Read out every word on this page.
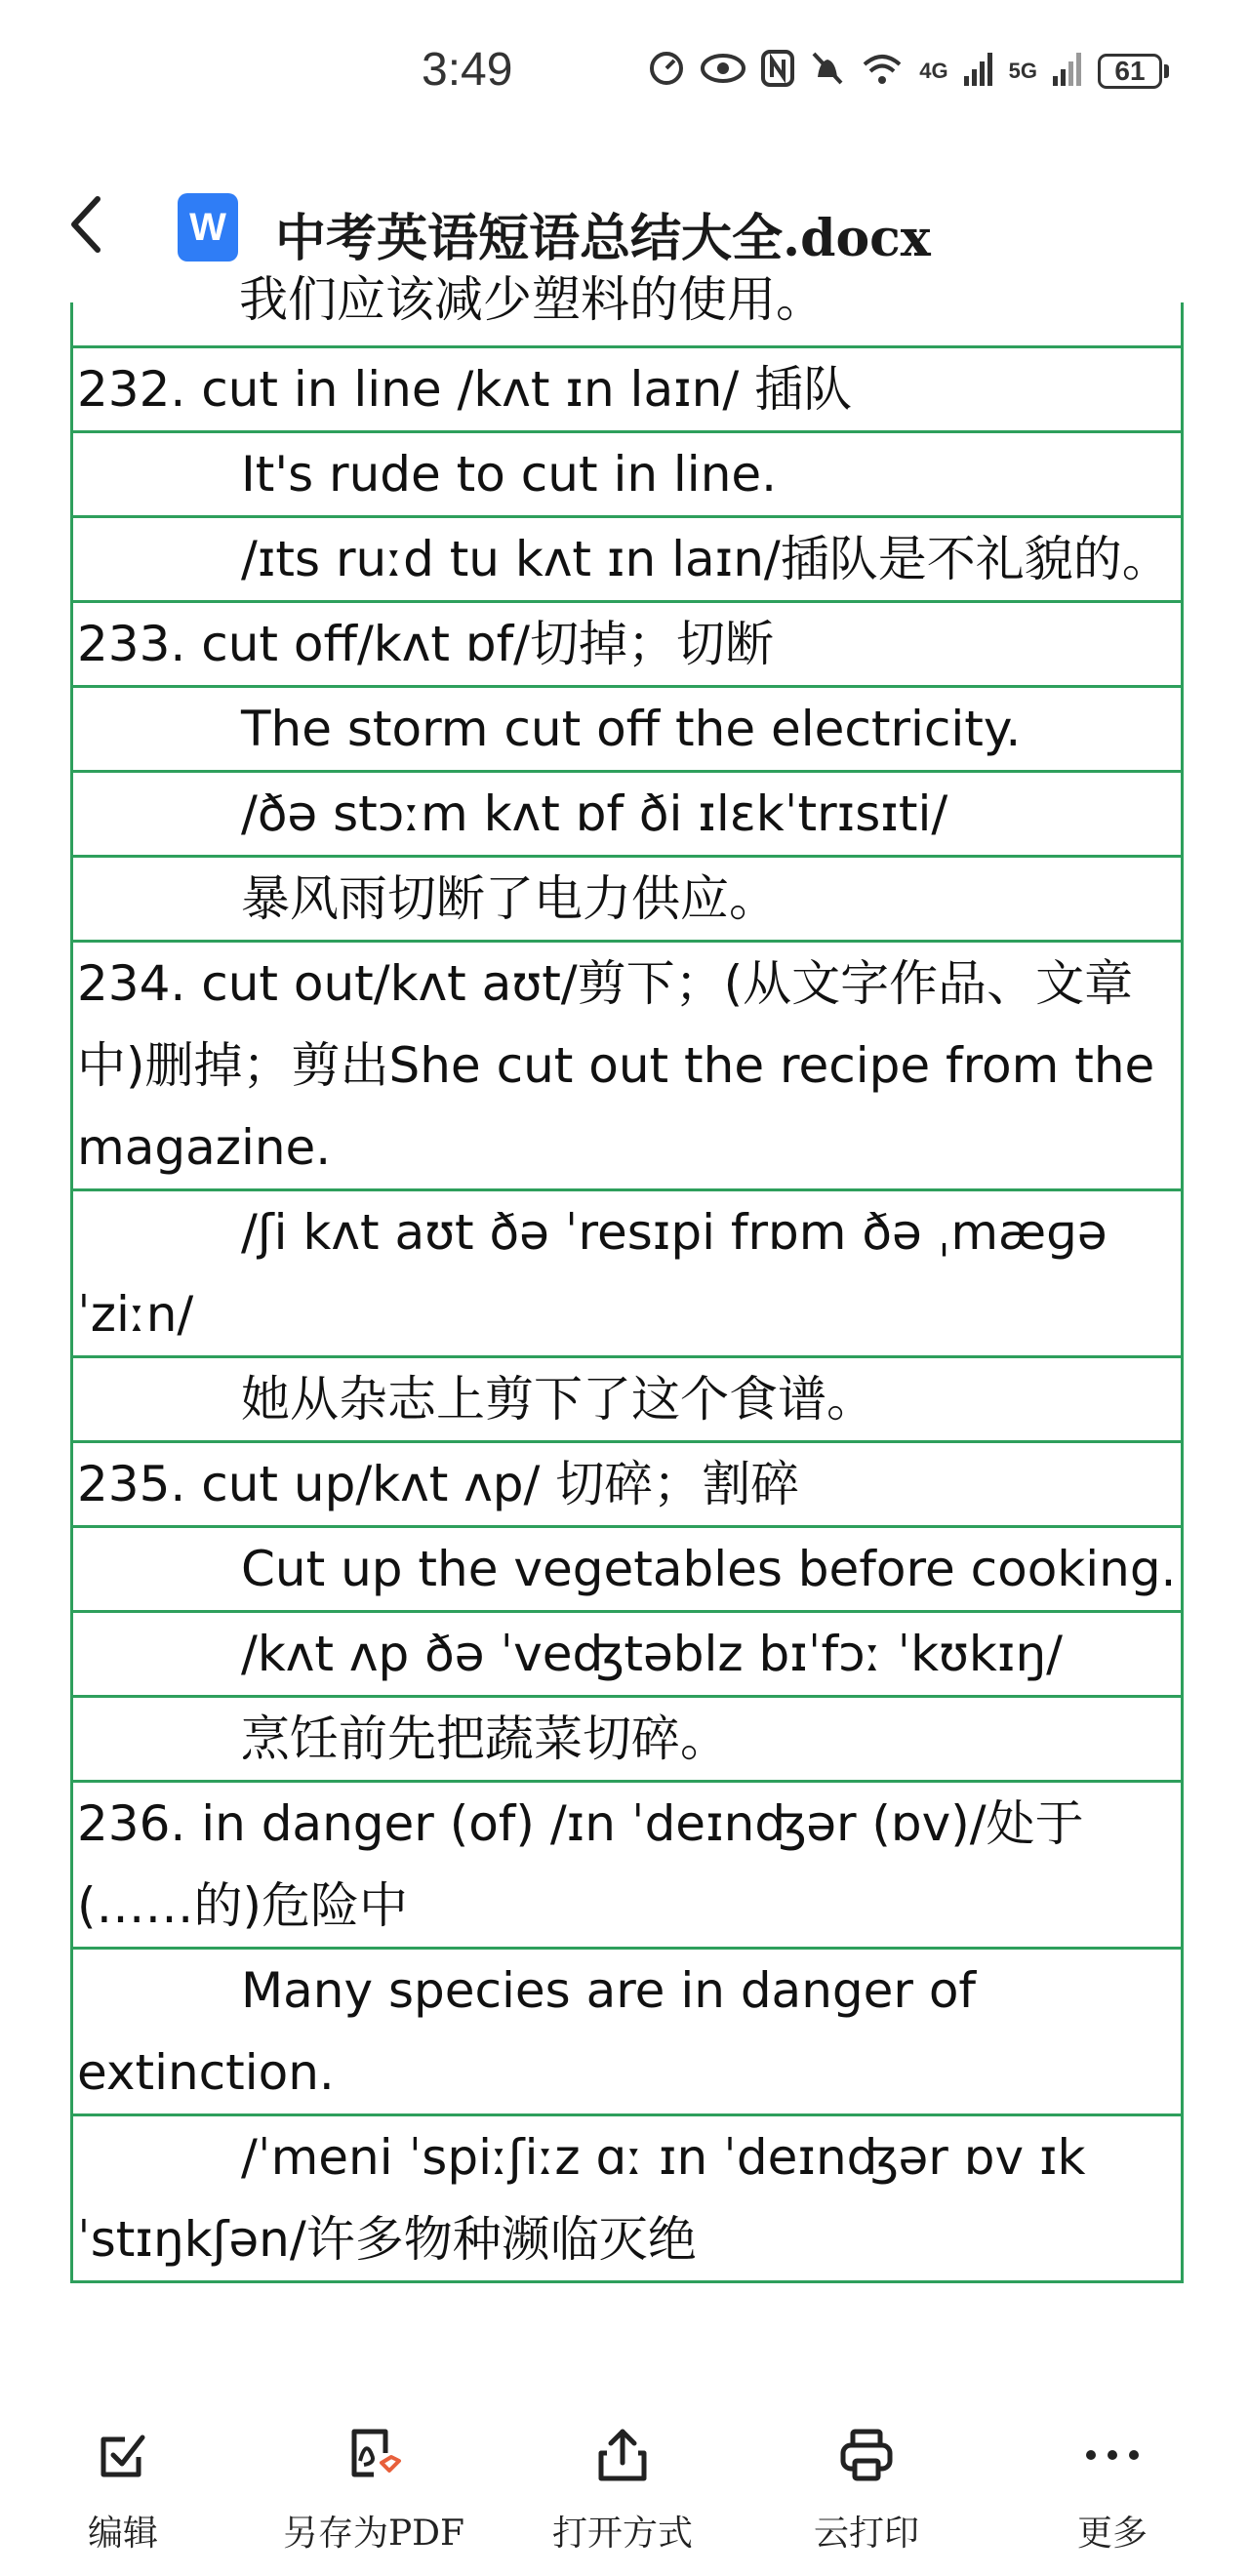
3:49	4G	5G	61
W 中考英语短语总结大全.docx
我们应该减少塑料的使用。
232. cut in line /kʌt ɪn laɪn/ 插队
It's rude to cut in line.
/ɪts ruːd tu kʌt ɪn laɪn/插队是不礼貌的。
233. cut off/kʌt ɒf/切掉；切断
The storm cut off the electricity.
/ðə stɔːm kʌt ɒf ði ɪlɛkˈtrɪsɪti/
暴风雨切断了电力供应。
234. cut out/kʌt aʊt/剪下；(从文字作品、文章中)删掉；剪出She cut out the recipe from the magazine.
/ʃi kʌt aʊt ðə ˈresɪpi frɒm ðə ˌmæɡəˈziːn/
她从杂志上剪下了这个食谱。
235. cut up/kʌt ʌp/ 切碎；割碎
Cut up the vegetables before cooking.
/kʌt ʌp ðə ˈveʤtəblz bɪˈfɔː ˈkʊkɪŋ/
烹饪前先把蔬菜切碎。
236. in danger (of) /ɪn ˈdeɪnʤər (ɒv)/处于(……的)危险中
Many species are in danger of extinction.
/ˈmeni ˈspiːʃiːz ɑː ɪn ˈdeɪnʤər ɒv ɪkˈstɪŋkʃən/许多物种濒临灭绝
编辑	另存为PDF 打开方式	云打印	更多
